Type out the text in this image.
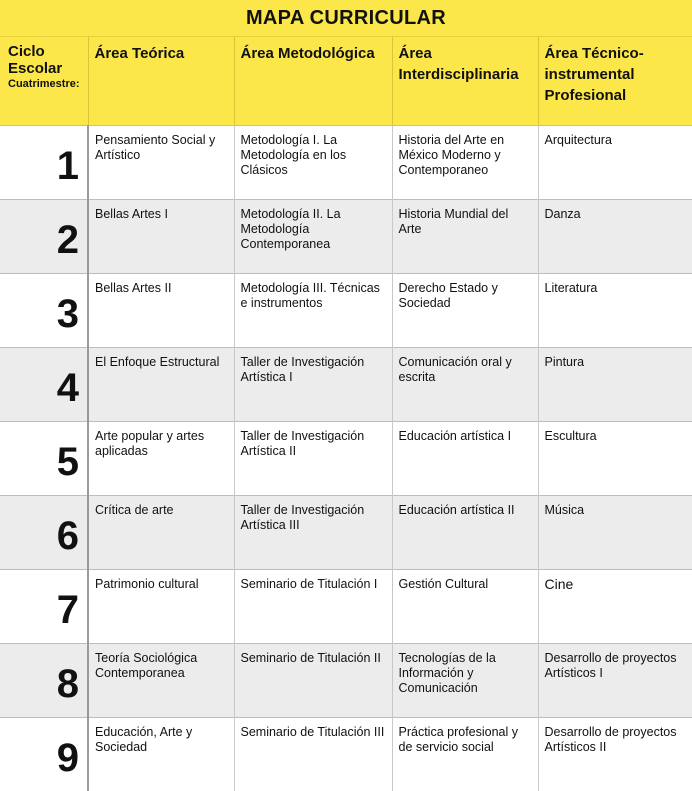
MAPA CURRICULAR
Ciclo
Escolar
Cuatrimestre:	Área Teórica	Área Metodológica	Área Interdisciplinaria	Área Técnico-instrumental Profesional
1	Pensamiento Social y Artístico	Metodología I. La Metodología en los Clásicos	Historia del Arte en México Moderno y Contemporaneo	Arquitectura
2	Bellas Artes I	Metodología II. La Metodología Contemporanea	Historia Mundial del Arte	Danza
3	Bellas Artes II	Metodología III. Técnicas e instrumentos	Derecho Estado y Sociedad	Literatura
4	El Enfoque Estructural	Taller de Investigación Artística I	Comunicación oral y escrita	Pintura
5	Arte popular y artes aplicadas	Taller de Investigación Artística II	Educación artística I	Escultura
6	Crítica de arte	Taller de Investigación Artística III	Educación artística II	Música
7	Patrimonio cultural	Seminario de Titulación I	Gestión Cultural	Cine
8	Teoría Sociológica Contemporanea	Seminario de Titulación II	Tecnologías de la Información y Comunicación	Desarrollo de proyectos Artísticos I
9	Educación, Arte y Sociedad	Seminario de Titulación III	Práctica profesional y de servicio social	Desarrollo de proyectos Artísticos II
